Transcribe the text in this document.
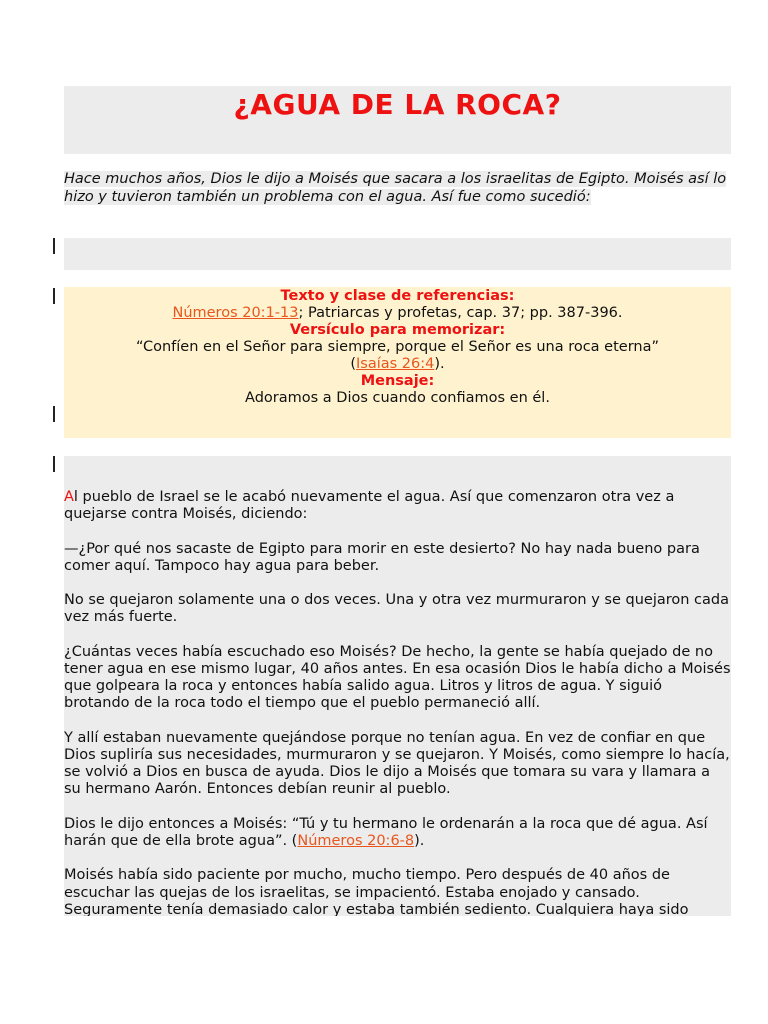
¿AGUA DE LA ROCA?
Hace muchos años, Dios le dijo a Moisés que sacara a los israelitas de Egipto. Moisés así lo hizo y tuvieron también un problema con el agua. Así fue como sucedió:
Texto y clase de referencias:
Números 20:1-13; Patriarcas y profetas, cap. 37; pp. 387-396.
Versículo para memorizar:
“Confíen en el Señor para siempre, porque el Señor es una roca eterna”
(Isaías 26:4).
Mensaje:
Adoramos a Dios cuando confiamos en él.

Al pueblo de Israel se le acabó nuevamente el agua. Así que comenzaron otra vez a quejarse contra Moisés, diciendo:

—¿Por qué nos sacaste de Egipto para morir en este desierto? No hay nada bueno para comer aquí. Tampoco hay agua para beber.

No se quejaron solamente una o dos veces. Una y otra vez murmuraron y se quejaron cada vez más fuerte.

¿Cuántas veces había escuchado eso Moisés? De hecho, la gente se había quejado de no tener agua en ese mismo lugar, 40 años antes. En esa ocasión Dios le había dicho a Moisés que golpeara la roca y entonces había salido agua. Litros y litros de agua. Y siguió brotando de la roca todo el tiempo que el pueblo permaneció allí.

Y allí estaban nuevamente quejándose porque no tenían agua. En vez de confiar en que Dios supliría sus necesidades, murmuraron y se quejaron. Y Moisés, como siempre lo hacía, se volvió a Dios en busca de ayuda. Dios le dijo a Moisés que tomara su vara y llamara a su hermano Aarón. Entonces debían reunir al pueblo.

Dios le dijo entonces a Moisés: “Tú y tu hermano le ordenarán a la roca que dé agua. Así harán que de ella brote agua”. (Números 20:6-8).

Moisés había sido paciente por mucho, mucho tiempo. Pero después de 40 años de escuchar las quejas de los israelitas, se impacientó. Estaba enojado y cansado. Seguramente tenía demasiado calor y estaba también sediento. Cualquiera haya sido
